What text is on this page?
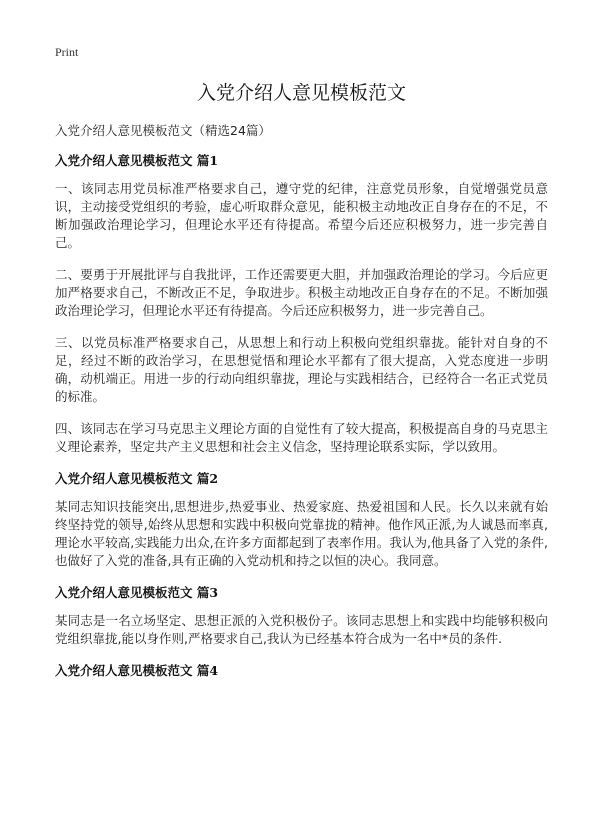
Print
入党介绍人意见模板范文

入党介绍人意见模板范文（精选24篇）

入党介绍人意见模板范文 篇1

一、该同志用党员标准严格要求自己，遵守党的纪律，注意党员形象，自觉增强党员意识，主动接受党组织的考验，虚心听取群众意见，能积极主动地改正自身存在的不足，不断加强政治理论学习，但理论水平还有待提高。希望今后还应积极努力，进一步完善自己。

二、要勇于开展批评与自我批评，工作还需要更大胆，并加强政治理论的学习。今后应更加严格要求自己，不断改正不足，争取进步。积极主动地改正自身存在的不足。不断加强政治理论学习，但理论水平还有待提高。今后还应积极努力，进一步完善自己。

三、以党员标准严格要求自己，从思想上和行动上积极向党组织靠拢。能针对自身的不足，经过不断的政治学习，在思想觉悟和理论水平都有了很大提高，入党态度进一步明确，动机端正。用进一步的行动向组织靠拢，理论与实践相结合，已经符合一名正式党员的标准。

四、该同志在学习马克思主义理论方面的自觉性有了较大提高，积极提高自身的马克思主义理论素养，坚定共产主义思想和社会主义信念，坚持理论联系实际，学以致用。

入党介绍人意见模板范文 篇2

某同志知识技能突出,思想进步,热爱事业、热爱家庭、热爱祖国和人民。长久以来就有始终坚持党的领导,始终从思想和实践中积极向党靠拢的精神。他作风正派,为人诚恳而率真,理论水平较高,实践能力出众,在许多方面都起到了表率作用。我认为,他具备了入党的条件,也做好了入党的准备,具有正确的入党动机和持之以恒的决心。我同意。

入党介绍人意见模板范文 篇3

某同志是一名立场坚定、思想正派的入党积极份子。该同志思想上和实践中均能够积极向党组织靠拢,能以身作则,严格要求自己,我认为已经基本符合成为一名中*员的条件.

入党介绍人意见模板范文 篇4
